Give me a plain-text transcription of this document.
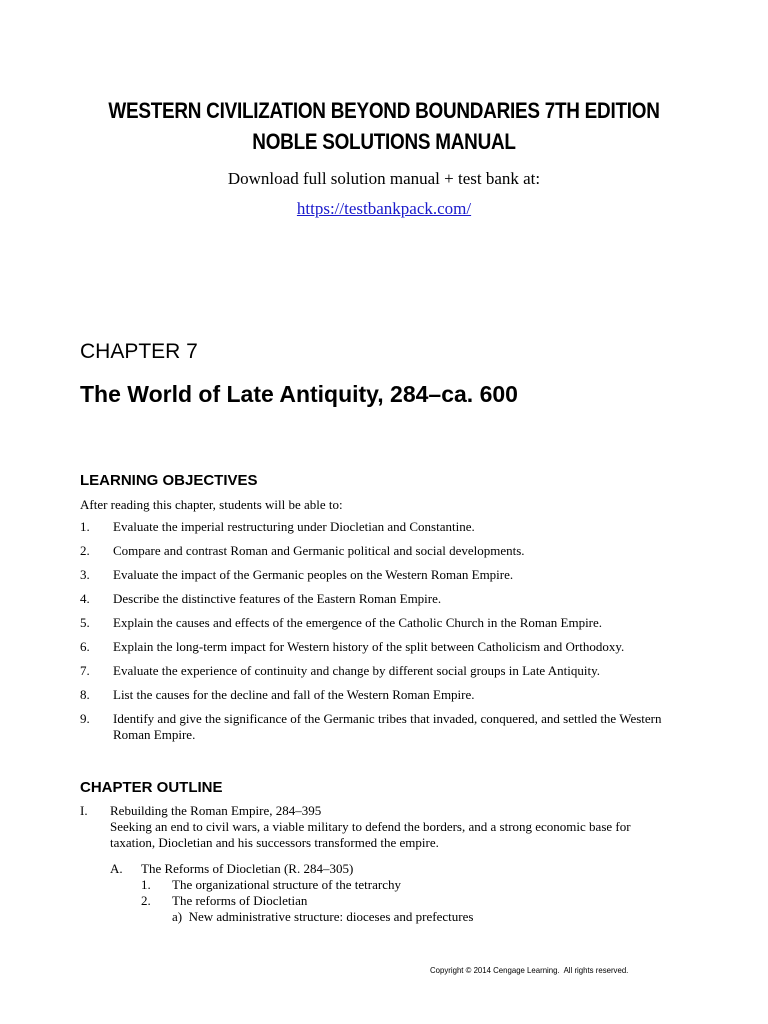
WESTERN CIVILIZATION BEYOND BOUNDARIES 7TH EDITION NOBLE SOLUTIONS MANUAL
Download full solution manual + test bank at:
https://testbankpack.com/
CHAPTER 7
The World of Late Antiquity, 284–ca. 600
LEARNING OBJECTIVES
After reading this chapter, students will be able to:
1. Evaluate the imperial restructuring under Diocletian and Constantine.
2. Compare and contrast Roman and Germanic political and social developments.
3. Evaluate the impact of the Germanic peoples on the Western Roman Empire.
4. Describe the distinctive features of the Eastern Roman Empire.
5. Explain the causes and effects of the emergence of the Catholic Church in the Roman Empire.
6. Explain the long-term impact for Western history of the split between Catholicism and Orthodoxy.
7. Evaluate the experience of continuity and change by different social groups in Late Antiquity.
8. List the causes for the decline and fall of the Western Roman Empire.
9. Identify and give the significance of the Germanic tribes that invaded, conquered, and settled the Western Roman Empire.
CHAPTER OUTLINE
I. Rebuilding the Roman Empire, 284–395
Seeking an end to civil wars, a viable military to defend the borders, and a strong economic base for taxation, Diocletian and his successors transformed the empire.
A. The Reforms of Diocletian (R. 284–305)
1. The organizational structure of the tetrarchy
2. The reforms of Diocletian
a)  New administrative structure: dioceses and prefectures
Copyright © 2014 Cengage Learning.  All rights reserved.
